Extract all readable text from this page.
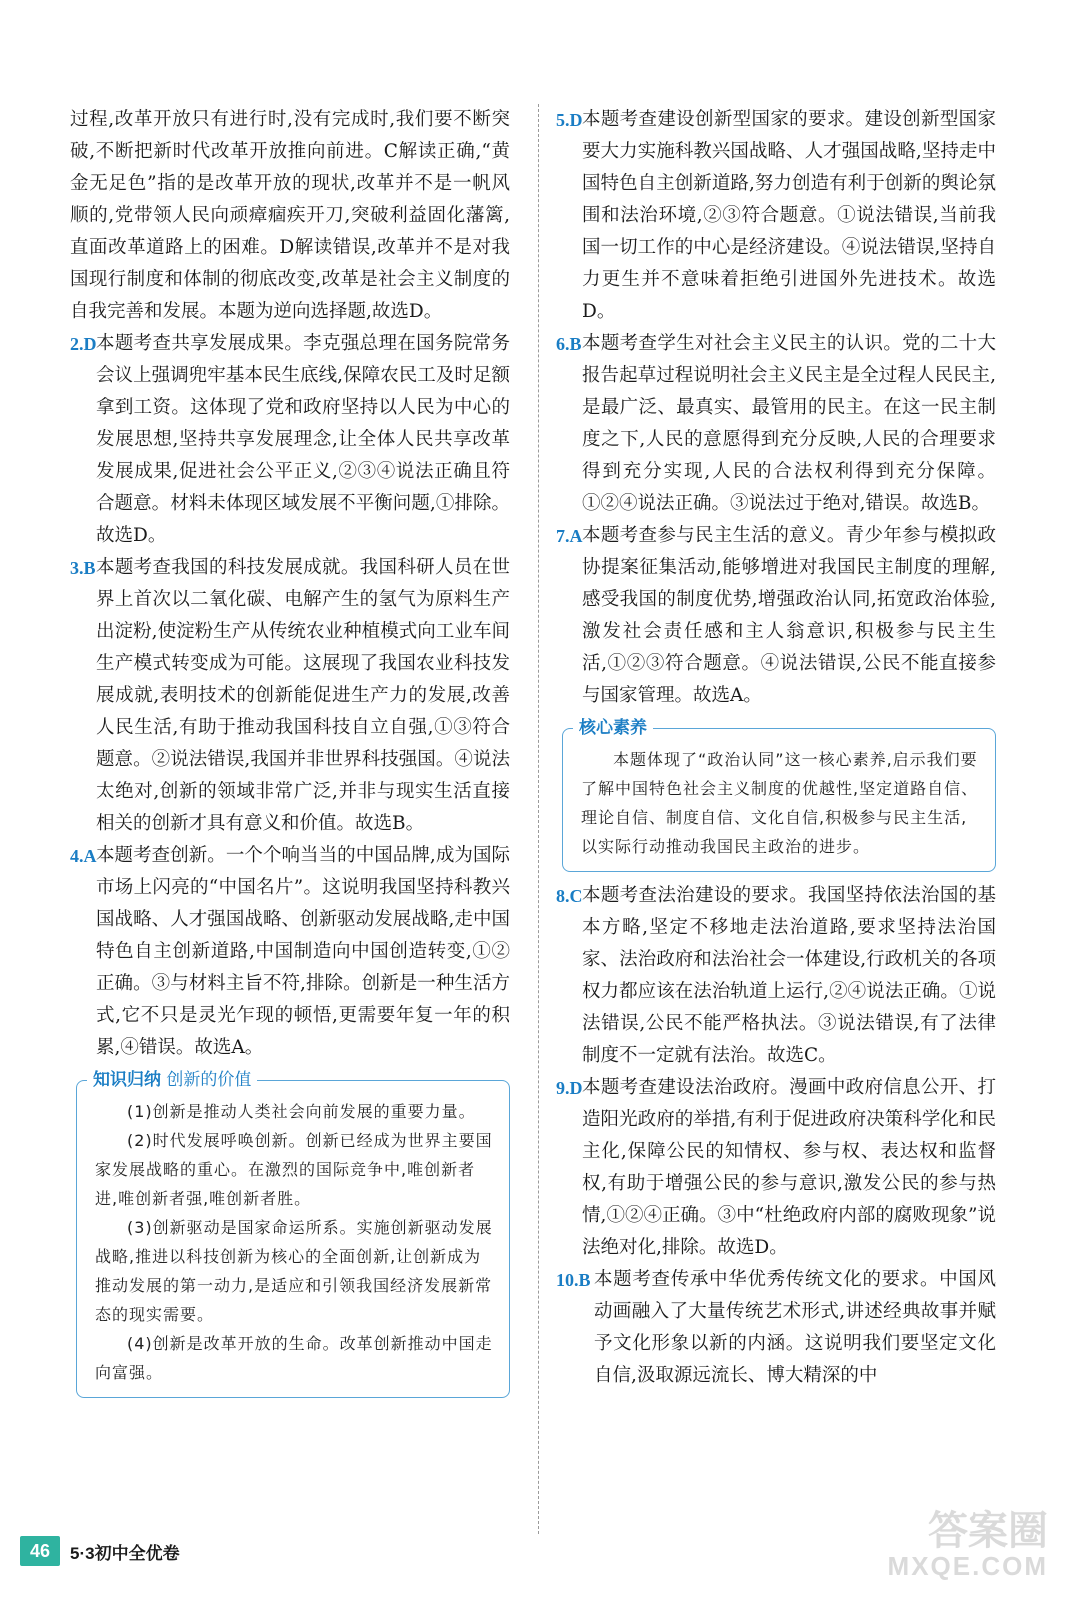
过程,改革开放只有进行时,没有完成时,我们要不断突破,不断把新时代改革开放推向前进。C解读正确,“黄金无足色”指的是改革开放的现状,改革并不是一帆风顺的,党带领人民向顽瘴痼疾开刀,突破利益固化藩篱,直面改革道路上的困难。D解读错误,改革并不是对我国现行制度和体制的彻底改变,改革是社会主义制度的自我完善和发展。本题为逆向选择题,故选D。
2.D 本题考查共享发展成果。李克强总理在国务院常务会议上强调兜牢基本民生底线,保障农民工及时足额拿到工资。这体现了党和政府坚持以人民为中心的发展思想,坚持共享发展理念,让全体人民共享改革发展成果,促进社会公平正义,②③④说法正确且符合题意。材料未体现区域发展不平衡问题,①排除。故选D。
3.B 本题考查我国的科技发展成就。我国科研人员在世界上首次以二氧化碳、电解产生的氢气为原料生产出淀粉,使淀粉生产从传统农业种植模式向工业车间生产模式转变成为可能。这展现了我国农业科技发展成就,表明技术的创新能促进生产力的发展,改善人民生活,有助于推动我国科技自立自强,①③符合题意。②说法错误,我国并非世界科技强国。④说法太绝对,创新的领域非常广泛,并非与现实生活直接相关的创新才具有意义和价值。故选B。
4.A 本题考查创新。一个个响当当的中国品牌,成为国际市场上闪亮的“中国名片”。这说明我国坚持科教兴国战略、人才强国战略、创新驱动发展战略,走中国特色自主创新道路,中国制造向中国创造转变,①②正确。③与材料主旨不符,排除。创新是一种生活方式,它不只是灵光乍现的顿悟,更需要年复一年的积累,④错误。故选A。
知识归纳 创新的价值
(1)创新是推动人类社会向前发展的重要力量。
(2)时代发展呼唤创新。创新已经成为世界主要国家发展战略的重心。在激烈的国际竞争中,唯创新者进,唯创新者强,唯创新者胜。
(3)创新驱动是国家命运所系。实施创新驱动发展战略,推进以科技创新为核心的全面创新,让创新成为推动发展的第一动力,是适应和引领我国经济发展新常态的现实需要。
(4)创新是改革开放的生命。改革创新推动中国走向富强。
5.D 本题考查建设创新型国家的要求。建设创新型国家要大力实施科教兴国战略、人才强国战略,坚持走中国特色自主创新道路,努力创造有利于创新的舆论氛围和法治环境,②③符合题意。①说法错误,当前我国一切工作的中心是经济建设。④说法错误,坚持自力更生并不意味着拒绝引进国外先进技术。故选D。
6.B 本题考查学生对社会主义民主的认识。党的二十大报告起草过程说明社会主义民主是全过程人民民主,是最广泛、最真实、最管用的民主。在这一民主制度之下,人民的意愿得到充分反映,人民的合理要求得到充分实现,人民的合法权利得到充分保障。①②④说法正确。③说法过于绝对,错误。故选B。
7.A 本题考查参与民主生活的意义。青少年参与模拟政协提案征集活动,能够增进对我国民主制度的理解,感受我国的制度优势,增强政治认同,拓宽政治体验,激发社会责任感和主人翁意识,积极参与民主生活,①②③符合题意。④说法错误,公民不能直接参与国家管理。故选A。
核心素养
本题体现了“政治认同”这一核心素养,启示我们要了解中国特色社会主义制度的优越性,坚定道路自信、理论自信、制度自信、文化自信,积极参与民主生活,以实际行动推动我国民主政治的进步。
8.C 本题考查法治建设的要求。我国坚持依法治国的基本方略,坚定不移地走法治道路,要求坚持法治国家、法治政府和法治社会一体建设,行政机关的各项权力都应该在法治轨道上运行,②④说法正确。①说法错误,公民不能严格执法。③说法错误,有了法律制度不一定就有法治。故选C。
9.D 本题考查建设法治政府。漫画中政府信息公开、打造阳光政府的举措,有利于促进政府决策科学化和民主化,保障公民的知情权、参与权、表达权和监督权,有助于增强公民的参与意识,激发公民的参与热情,①②④正确。③中“杜绝政府内部的腐败现象”说法绝对化,排除。故选D。
10.B 本题考查传承中华优秀传统文化的要求。中国风动画融入了大量传统艺术形式,讲述经典故事并赋予文化形象以新的内涵。这说明我们要坚定文化自信,汲取源远流长、博大精深的中
46	5·3初中全优卷	答案圈
MXQE.COM
